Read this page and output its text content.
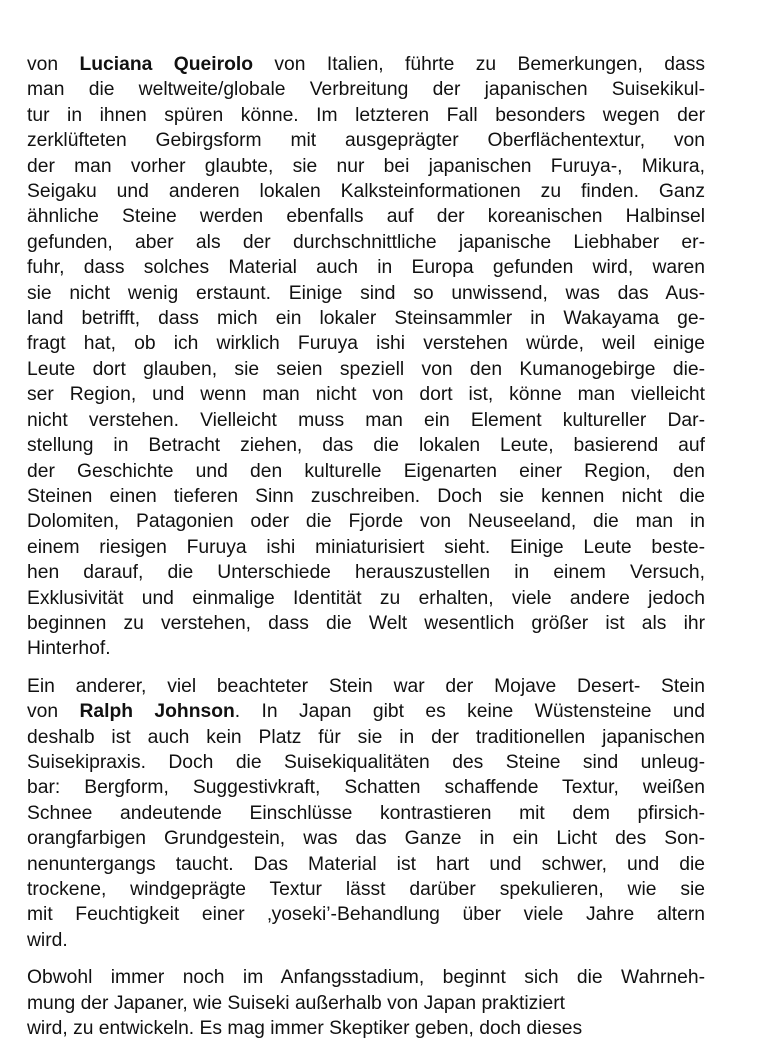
von Luciana Queirolo von Italien, führte zu Bemerkungen, dass
man die weltweite/globale Verbreitung der japanischen Suisekikul-
tur in ihnen spüren könne. Im letzteren Fall besonders wegen der
zerklüfteten Gebirgsform mit ausgeprägter Oberflächentextur, von
der man vorher glaubte, sie nur bei japanischen Furuya-, Mikura,
Seigaku und anderen lokalen Kalksteinformationen zu finden. Ganz
ähnliche Steine werden ebenfalls auf der koreanischen Halbinsel
gefunden, aber als der durchschnittliche japanische Liebhaber er-
fuhr, dass solches Material auch in Europa gefunden wird, waren
sie nicht wenig erstaunt. Einige sind so unwissend, was das Aus-
land betrifft, dass mich ein lokaler Steinsammler in Wakayama ge-
fragt hat, ob ich wirklich Furuya ishi verstehen würde, weil einige
Leute dort glauben, sie seien speziell von den Kumanogebirge die-
ser Region, und wenn man nicht von dort ist, könne man vielleicht
nicht verstehen. Vielleicht muss man ein Element kultureller Dar-
stellung in Betracht ziehen, das die lokalen Leute, basierend auf
der Geschichte und den kulturelle Eigenarten einer Region, den
Steinen einen tieferen Sinn zuschreiben. Doch sie kennen nicht die
Dolomiten, Patagonien oder die Fjorde von Neuseeland, die man in
einem riesigen Furuya ishi miniaturisiert sieht. Einige Leute beste-
hen darauf, die Unterschiede herauszustellen in einem Versuch,
Exklusivität und einmalige Identität zu erhalten, viele andere jedoch
beginnen zu verstehen, dass die Welt wesentlich größer ist als ihr
Hinterhof.

Ein anderer, viel beachteter Stein war der Mojave Desert- Stein
von Ralph Johnson. In Japan gibt es keine Wüstensteine und
deshalb ist auch kein Platz für sie in der traditionellen japanischen
Suisekipraxis. Doch die Suisekiqualitäten des Steine sind unleug-
bar: Bergform, Suggestivkraft, Schatten schaffende Textur, weißen
Schnee andeutende Einschlüsse kontrastieren mit dem pfirsich-
orangfarbigen Grundgestein, was das Ganze in ein Licht des Son-
nenuntergangs taucht. Das Material ist hart und schwer, und die
trockene, windgeprägte Textur lässt darüber spekulieren, wie sie
mit Feuchtigkeit einer ‚yoseki’-Behandlung über viele Jahre altern
wird.

Obwohl immer noch im Anfangsstadium, beginnt sich die Wahrneh-
mung der Japaner, wie Suiseki außerhalb von Japan praktiziert
wird, zu entwickeln. Es mag immer Skeptiker geben, doch dieses
